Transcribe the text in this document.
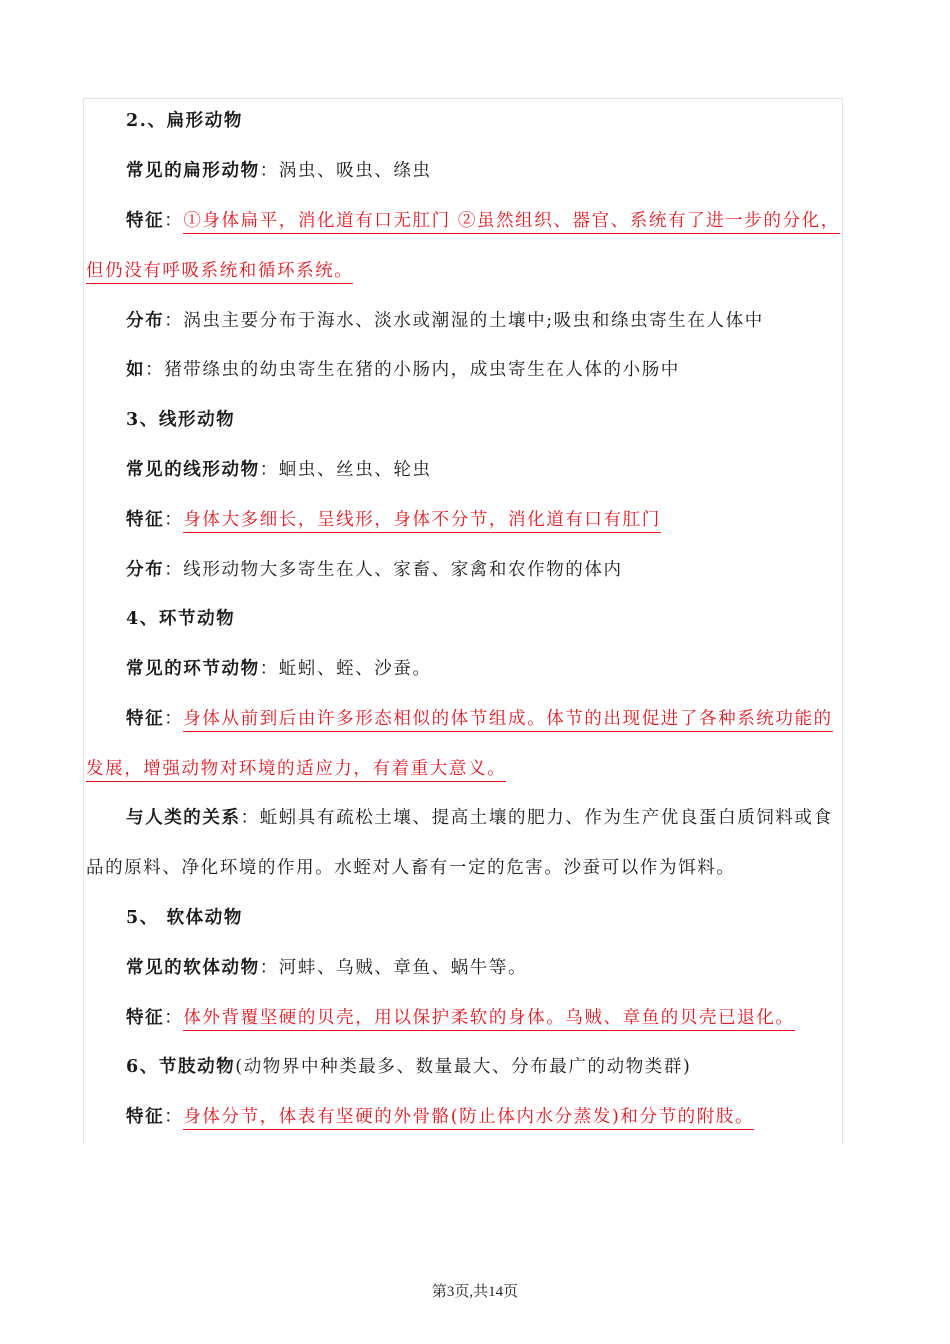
2.、扁形动物
常见的扁形动物：涡虫、吸虫、绦虫
特征：①身体扁平，消化道有口无肛门 ②虽然组织、器官、系统有了进一步的分化，
但仍没有呼吸系统和循环系统。
分布：涡虫主要分布于海水、淡水或潮湿的土壤中;吸虫和绦虫寄生在人体中
如：猪带绦虫的幼虫寄生在猪的小肠内，成虫寄生在人体的小肠中
3、线形动物
常见的线形动物：蛔虫、丝虫、轮虫
特征：身体大多细长，呈线形，身体不分节，消化道有口有肛门
分布：线形动物大多寄生在人、家畜、家禽和农作物的体内
4、环节动物
常见的环节动物：蚯蚓、蛭、沙蚕。
特征：身体从前到后由许多形态相似的体节组成。体节的出现促进了各种系统功能的
发展，增强动物对环境的适应力，有着重大意义。
与人类的关系：蚯蚓具有疏松土壤、提高土壤的肥力、作为生产优良蛋白质饲料或食
品的原料、净化环境的作用。水蛭对人畜有一定的危害。沙蚕可以作为饵料。
5、 软体动物
常见的软体动物：河蚌、乌贼、章鱼、蜗牛等。
特征：体外背覆坚硬的贝壳，用以保护柔软的身体。乌贼、章鱼的贝壳已退化。
6、节肢动物(动物界中种类最多、数量最大、分布最广的动物类群)
特征：身体分节，体表有坚硬的外骨骼(防止体内水分蒸发)和分节的附肢。
第3页,共14页
